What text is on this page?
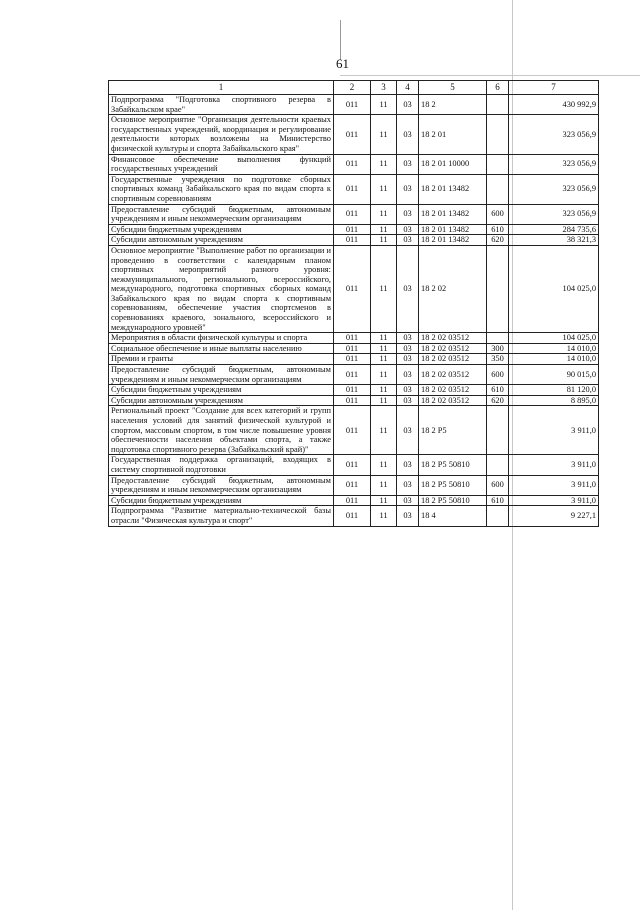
61
1	2	3	4	5	6	7
Подпрограмма "Подготовка спортивного резерва в Забайкальском крае"	011	11	03	18 2		430 992,9
Основное мероприятие "Организация деятельности краевых государственных учреждений, координация и регулирование деятельности которых возложены на Министерство физической культуры и спорта Забайкальского края"	011	11	03	18 2 01		323 056,9
Финансовое обеспечение выполнения функций государственных учреждений	011	11	03	18 2 01 10000		323 056,9
Государственные учреждения по подготовке сборных спортивных команд Забайкальского края по видам спорта к спортивным соревнованиям	011	11	03	18 2 01 13482		323 056,9
Предоставление субсидий бюджетным, автономным учреждениям и иным некоммерческим организациям	011	11	03	18 2 01 13482	600	323 056,9
Субсидии бюджетным учреждениям	011	11	03	18 2 01 13482	610	284 735,6
Субсидии автономным учреждениям	011	11	03	18 2 01 13482	620	38 321,3
Основное мероприятие "Выполнение работ по организации и проведению в соответствии с календарным планом спортивных мероприятий разного уровня: межмуниципального, регионального, всероссийского, международного, подготовка спортивных сборных команд Забайкальского края по видам спорта к спортивным соревнованиям, обеспечение участия спортсменов в соревнованиях краевого, зонального, всероссийского и международного уровней"	011	11	03	18 2 02		104 025,0
Мероприятия в области физической культуры и спорта	011	11	03	18 2 02 03512		104 025,0
Социальное обеспечение и иные выплаты населению	011	11	03	18 2 02 03512	300	14 010,0
Премии и гранты	011	11	03	18 2 02 03512	350	14 010,0
Предоставление субсидий бюджетным, автономным учреждениям и иным некоммерческим организациям	011	11	03	18 2 02 03512	600	90 015,0
Субсидии бюджетным учреждениям	011	11	03	18 2 02 03512	610	81 120,0
Субсидии автономным учреждениям	011	11	03	18 2 02 03512	620	8 895,0
Региональный проект "Создание для всех категорий и групп населения условий для занятий физической культурой и спортом, массовым спортом, в том числе повышение уровня обеспеченности населения объектами спорта, а также подготовка спортивного резерва (Забайкальский край)"	011	11	03	18 2 P5		3 911,0
Государственная поддержка организаций, входящих в систему спортивной подготовки	011	11	03	18 2 P5 50810		3 911,0
Предоставление субсидий бюджетным, автономным учреждениям и иным некоммерческим организациям	011	11	03	18 2 P5 50810	600	3 911,0
Субсидии бюджетным учреждениям	011	11	03	18 2 P5 50810	610	3 911,0
Подпрограмма "Развитие материально-технической базы отрасли "Физическая культура и спорт"	011	11	03	18 4		9 227,1
